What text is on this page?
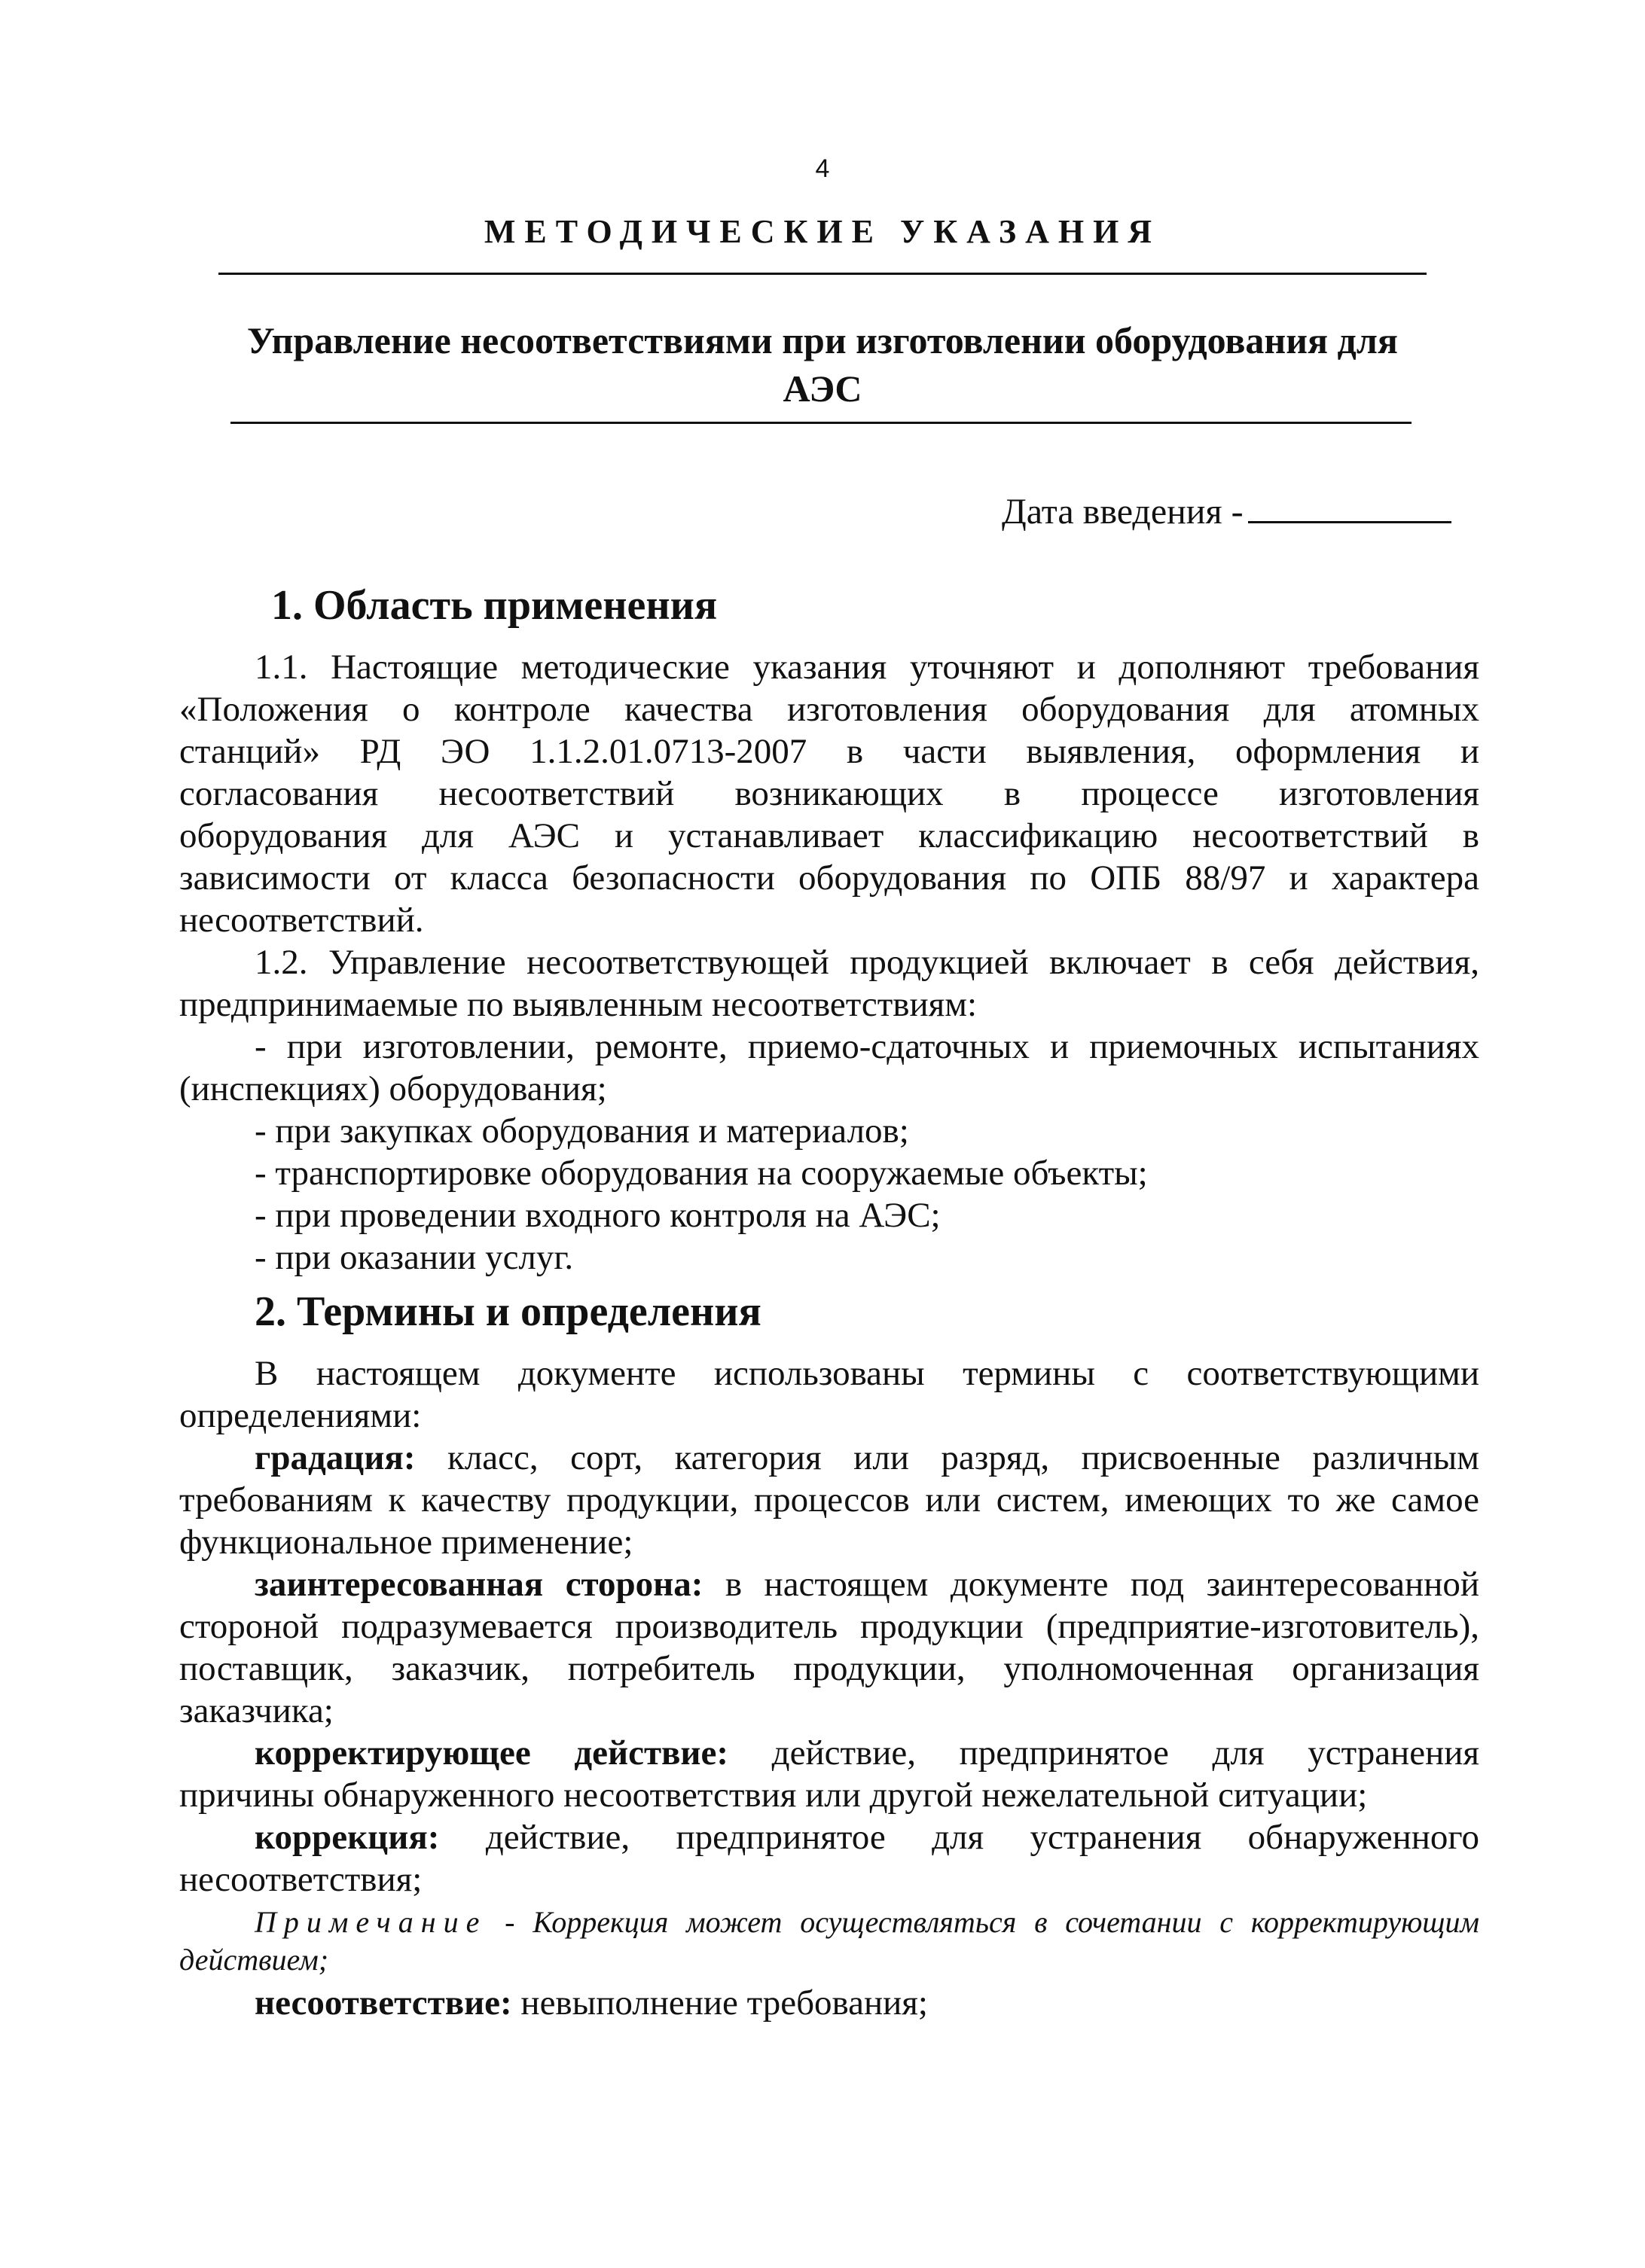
4
МЕТОДИЧЕСКИЕ УКАЗАНИЯ
Управление несоответствиями при изготовлении оборудования для
АЭС
Дата введения -
1. Область применения
1.1. Настоящие методические указания уточняют и дополняют требования
«Положения о контроле качества изготовления оборудования для атомных
станций» РД ЭО 1.1.2.01.0713-2007 в части выявления, оформления и
согласования несоответствий возникающих в процессе изготовления
оборудования для АЭС и устанавливает классификацию несоответствий в
зависимости от класса безопасности оборудования по ОПБ 88/97 и характера
несоответствий.
1.2. Управление несоответствующей продукцией включает в себя действия,
предпринимаемые по выявленным несоответствиям:
- при изготовлении, ремонте, приемо-сдаточных и приемочных испытаниях
(инспекциях) оборудования;
- при закупках оборудования и материалов;
- транспортировке оборудования на сооружаемые объекты;
- при проведении входного контроля на АЭС;
- при оказании услуг.
2. Термины и определения
В настоящем документе использованы термины с соответствующими
определениями:
градация: класс, сорт, категория или разряд, присвоенные различным
требованиям к качеству продукции, процессов или систем, имеющих то же самое
функциональное применение;
заинтересованная сторона: в настоящем документе под заинтересованной
стороной подразумевается производитель продукции (предприятие-изготовитель),
поставщик, заказчик, потребитель продукции, уполномоченная организация
заказчика;
корректирующее действие: действие, предпринятое для устранения
причины обнаруженного несоответствия или другой нежелательной ситуации;
коррекция: действие, предпринятое для устранения обнаруженного
несоответствия;
Примечание - Коррекция может осуществляться в сочетании с корректирующим
действием;
несоответствие: невыполнение требования;
